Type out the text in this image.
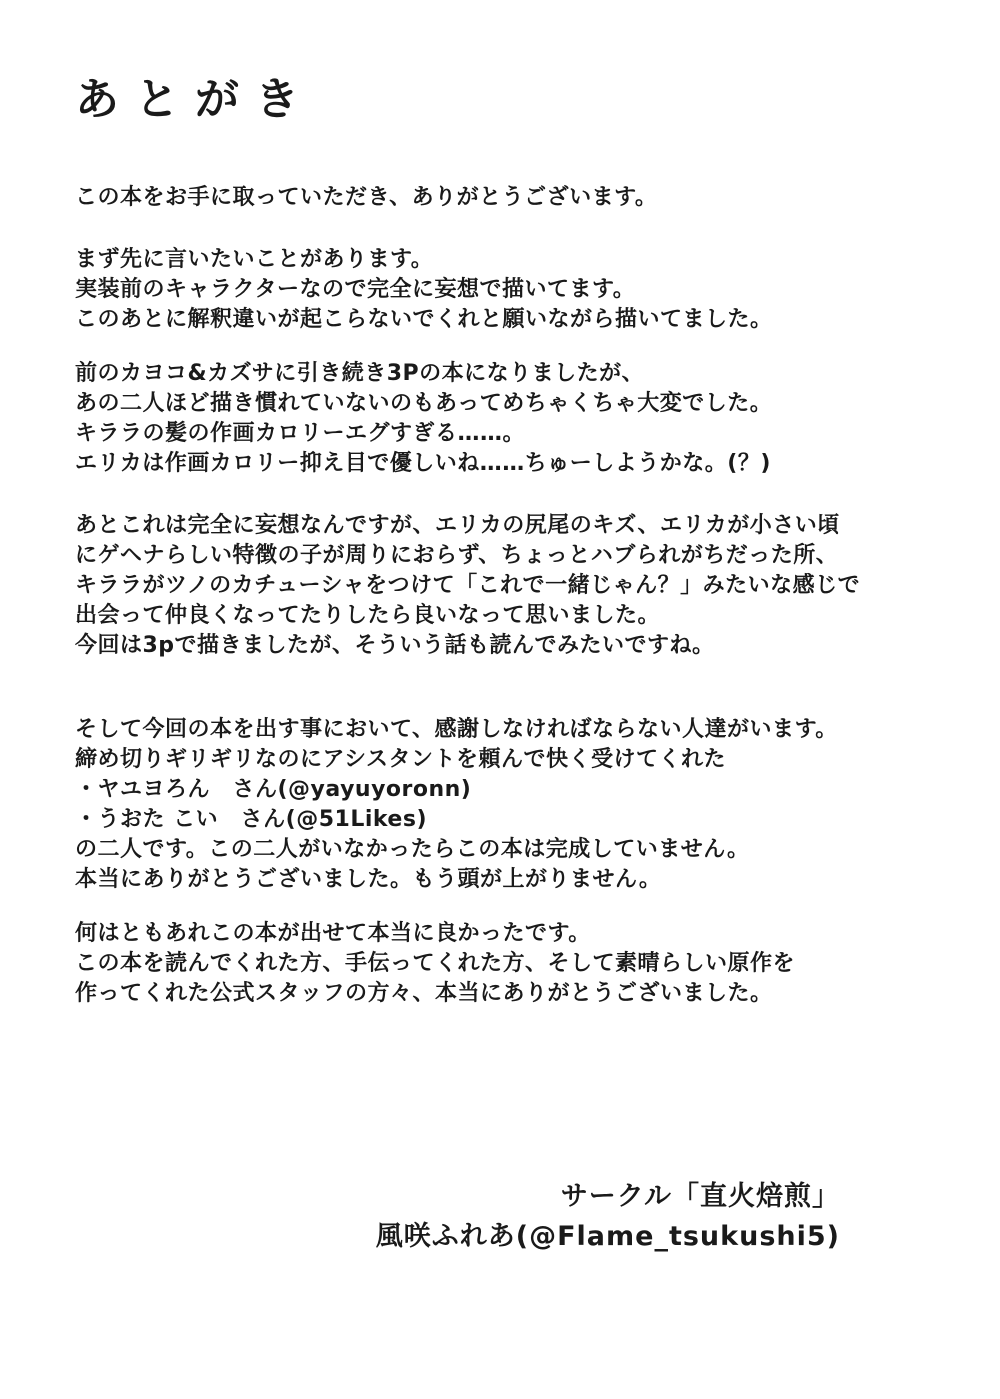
あとがき
この本をお手に取っていただき、ありがとうございます。
まず先に言いたいことがあります。
実装前のキャラクターなので完全に妄想で描いてます。
このあとに解釈違いが起こらないでくれと願いながら描いてました。
前のカヨコ&カズサに引き続き3Pの本になりましたが、
あの二人ほど描き慣れていないのもあってめちゃくちゃ大変でした。
キララの髪の作画カロリーエグすぎる……。
エリカは作画カロリー抑え目で優しいね……ちゅーしようかな。(？)
あとこれは完全に妄想なんですが、エリカの尻尾のキズ、エリカが小さい頃
にゲヘナらしい特徴の子が周りにおらず、ちょっとハブられがちだった所、
キララがツノのカチューシャをつけて「これで一緒じゃん？」みたいな感じで
出会って仲良くなってたりしたら良いなって思いました。
今回は3pで描きましたが、そういう話も読んでみたいですね。
そして今回の本を出す事において、感謝しなければならない人達がいます。
締め切りギリギリなのにアシスタントを頼んで快く受けてくれた
・ヤユヨろん　さん(@yayuyoronn)
・うおた こい　さん(@51Likes)
の二人です。この二人がいなかったらこの本は完成していません。
本当にありがとうございました。もう頭が上がりません。
何はともあれこの本が出せて本当に良かったです。
この本を読んでくれた方、手伝ってくれた方、そして素晴らしい原作を
作ってくれた公式スタッフの方々、本当にありがとうございました。
サークル「直火焙煎」
風咲ふれあ(@Flame_tsukushi5)
